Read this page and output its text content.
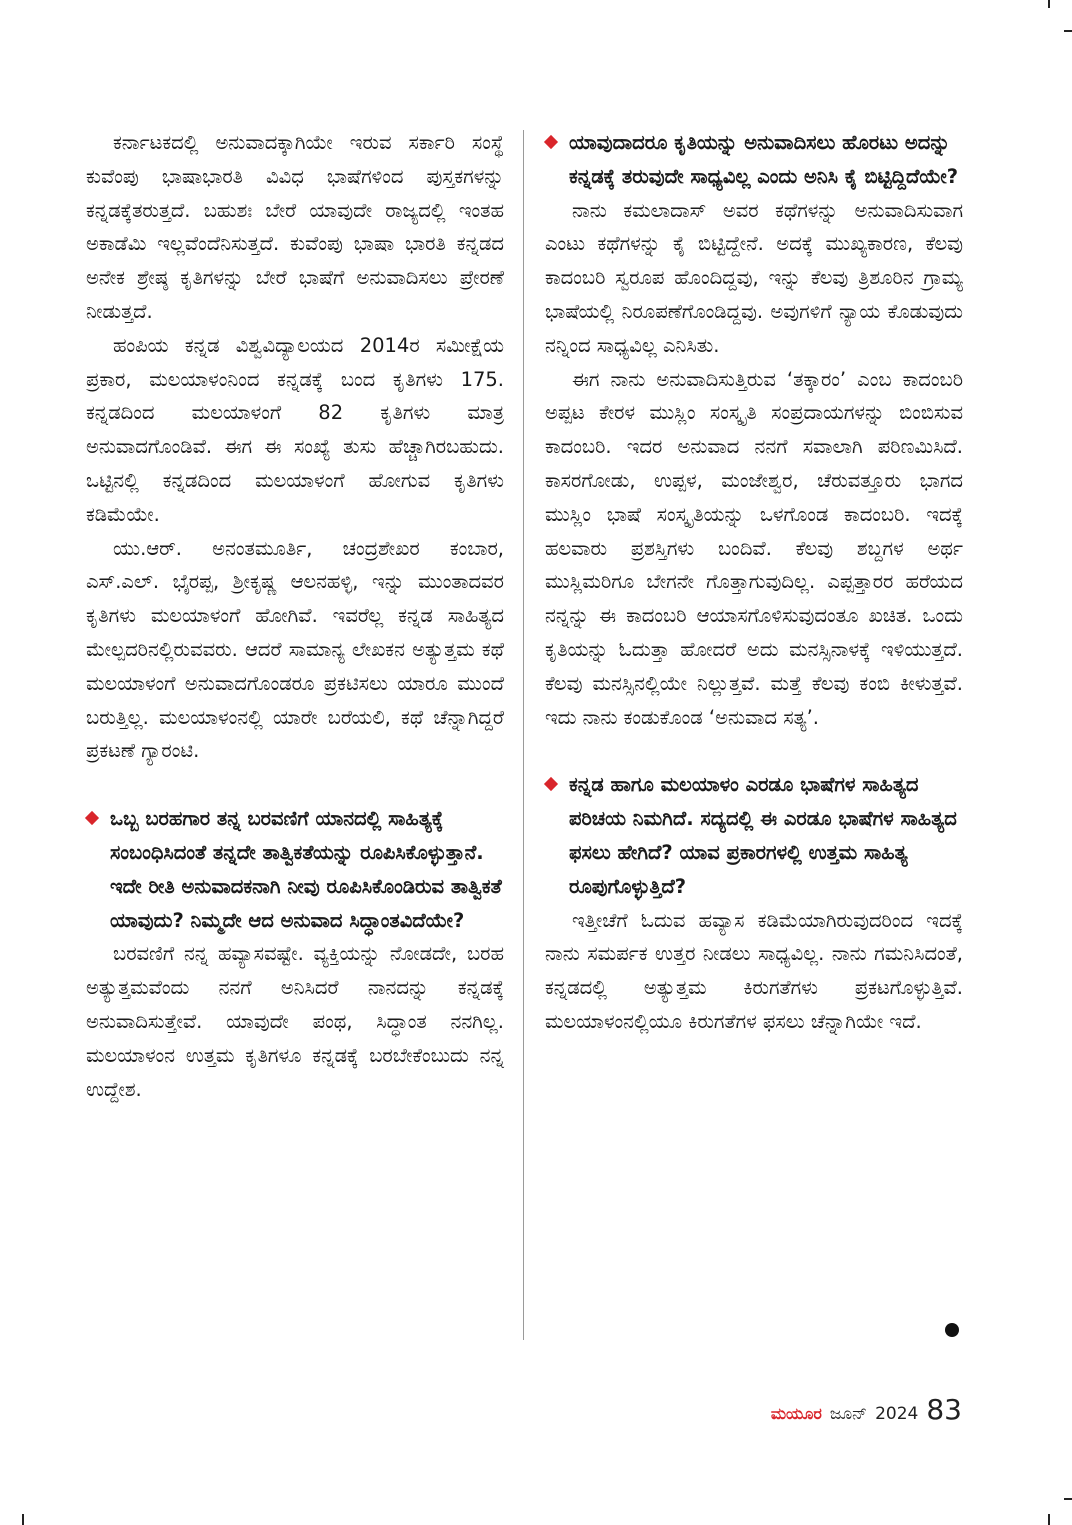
ಕರ್ನಾಟಕದಲ್ಲಿ ಅನುವಾದಕ್ಕಾಗಿಯೇ ಇರುವ ಸರ್ಕಾರಿ ಸಂಸ್ಥೆ ಕುವೆಂಪು ಭಾಷಾಭಾರತಿ ವಿವಿಧ ಭಾಷೆಗಳಿಂದ ಪುಸ್ತಕಗಳನ್ನು ಕನ್ನಡಕ್ಕೆತರುತ್ತದೆ. ಬಹುಶಃ ಬೇರೆ ಯಾವುದೇ ರಾಜ್ಯದಲ್ಲಿ ಇಂತಹ ಅಕಾಡೆಮಿ ಇಲ್ಲವೆಂದೆನಿಸುತ್ತದೆ. ಕುವೆಂಪು ಭಾಷಾ ಭಾರತಿ ಕನ್ನಡದ ಅನೇಕ ಶ್ರೇಷ್ಠ ಕೃತಿಗಳನ್ನು ಬೇರೆ ಭಾಷೆಗೆ ಅನುವಾದಿಸಲು ಪ್ರೇರಣೆ ನೀಡುತ್ತದೆ.

ಹಂಪಿಯ ಕನ್ನಡ ವಿಶ್ವವಿದ್ಯಾಲಯದ 2014ರ ಸಮೀಕ್ಷೆಯ ಪ್ರಕಾರ, ಮಲಯಾಳಂನಿಂದ ಕನ್ನಡಕ್ಕೆ ಬಂದ ಕೃತಿಗಳು 175. ಕನ್ನಡದಿಂದ ಮಲಯಾಳಂಗೆ 82 ಕೃತಿಗಳು ಮಾತ್ರ ಅನುವಾದಗೊಂಡಿವೆ. ಈಗ ಈ ಸಂಖ್ಯೆ ತುಸು ಹೆಚ್ಚಾಗಿರಬಹುದು. ಒಟ್ಟಿನಲ್ಲಿ ಕನ್ನಡದಿಂದ ಮಲಯಾಳಂಗೆ ಹೋಗುವ ಕೃತಿಗಳು ಕಡಿಮೆಯೇ.

ಯು.ಆರ್. ಅನಂತಮೂರ್ತಿ, ಚಂದ್ರಶೇಖರ ಕಂಬಾರ, ಎಸ್.ಎಲ್. ಭೈರಪ್ಪ, ಶ್ರೀಕೃಷ್ಣ ಆಲನಹಳ್ಳಿ, ಇನ್ನು ಮುಂತಾದವರ ಕೃತಿಗಳು ಮಲಯಾಳಂಗೆ ಹೋಗಿವೆ. ಇವರೆಲ್ಲ ಕನ್ನಡ ಸಾಹಿತ್ಯದ ಮೇಲ್ಪದರಿನಲ್ಲಿರುವವರು. ಆದರೆ ಸಾಮಾನ್ಯ ಲೇಖಕನ ಅತ್ಯುತ್ತಮ ಕಥೆ ಮಲಯಾಳಂಗೆ ಅನುವಾದಗೊಂಡರೂ ಪ್ರಕಟಿಸಲು ಯಾರೂ ಮುಂದೆ ಬರುತ್ತಿಲ್ಲ. ಮಲಯಾಳಂನಲ್ಲಿ ಯಾರೇ ಬರೆಯಲಿ, ಕಥೆ ಚೆನ್ನಾಗಿದ್ದರೆ ಪ್ರಕಟಣೆ ಗ್ಯಾರಂಟಿ.

ಒಬ್ಬ ಬರಹಗಾರ ತನ್ನ ಬರವಣಿಗೆ ಯಾನದಲ್ಲಿ ಸಾಹಿತ್ಯಕ್ಕೆ ಸಂಬಂಧಿಸಿದಂತೆ ತನ್ನದೇ ತಾತ್ವಿಕತೆಯನ್ನು ರೂಪಿಸಿಕೊಳ್ಳುತ್ತಾನೆ. ಇದೇ ರೀತಿ ಅನುವಾದಕನಾಗಿ ನೀವು ರೂಪಿಸಿಕೊಂಡಿರುವ ತಾತ್ವಿಕತೆ ಯಾವುದು? ನಿಮ್ಮದೇ ಆದ ಅನುವಾದ ಸಿದ್ಧಾಂತವಿದೆಯೇ?

ಬರವಣಿಗೆ ನನ್ನ ಹವ್ಯಾಸವಷ್ಟೇ. ವ್ಯಕ್ತಿಯನ್ನು ನೋಡದೇ, ಬರಹ ಅತ್ಯುತ್ತಮವೆಂದು ನನಗೆ ಅನಿಸಿದರೆ ನಾನದನ್ನು ಕನ್ನಡಕ್ಕೆ ಅನುವಾದಿಸುತ್ತೇವೆ. ಯಾವುದೇ ಪಂಥ, ಸಿದ್ಧಾಂತ ನನಗಿಲ್ಲ. ಮಲಯಾಳಂನ ಉತ್ತಮ ಕೃತಿಗಳೂ ಕನ್ನಡಕ್ಕೆ ಬರಬೇಕೆಂಬುದು ನನ್ನ ಉದ್ದೇಶ.

ಯಾವುದಾದರೂ ಕೃತಿಯನ್ನು ಅನುವಾದಿಸಲು ಹೊರಟು ಅದನ್ನು ಕನ್ನಡಕ್ಕೆ ತರುವುದೇ ಸಾಧ್ಯವಿಲ್ಲ ಎಂದು ಅನಿಸಿ ಕೈ ಬಿಟ್ಟಿದ್ದಿದೆಯೇ?

ನಾನು ಕಮಲಾದಾಸ್ ಅವರ ಕಥೆಗಳನ್ನು ಅನುವಾದಿಸುವಾಗ ಎಂಟು ಕಥೆಗಳನ್ನು ಕೈ ಬಿಟ್ಟಿದ್ದೇನೆ. ಅದಕ್ಕೆ ಮುಖ್ಯಕಾರಣ, ಕೆಲವು ಕಾದಂಬರಿ ಸ್ವರೂಪ ಹೊಂದಿದ್ದವು, ಇನ್ನು ಕೆಲವು ತ್ರಿಶೂರಿನ ಗ್ರಾಮ್ಯ ಭಾಷೆಯಲ್ಲಿ ನಿರೂಪಣೆಗೊಂಡಿದ್ದವು. ಅವುಗಳಿಗೆ ನ್ಯಾಯ ಕೊಡುವುದು ನನ್ನಿಂದ ಸಾಧ್ಯವಿಲ್ಲ ಎನಿಸಿತು.

ಈಗ ನಾನು ಅನುವಾದಿಸುತ್ತಿರುವ ‘ತಕ್ಕಾರಂ’ ಎಂಬ ಕಾದಂಬರಿ ಅಪ್ಪಟ ಕೇರಳ ಮುಸ್ಲಿಂ ಸಂಸ್ಕೃತಿ ಸಂಪ್ರದಾಯಗಳನ್ನು ಬಿಂಬಿಸುವ ಕಾದಂಬರಿ. ಇದರ ಅನುವಾದ ನನಗೆ ಸವಾಲಾಗಿ ಪರಿಣಮಿಸಿದೆ. ಕಾಸರಗೋಡು, ಉಪ್ಪಳ, ಮಂಜೇಶ್ವರ, ಚೆರುವತ್ತೂರು ಭಾಗದ ಮುಸ್ಲಿಂ ಭಾಷೆ ಸಂಸ್ಕೃತಿಯನ್ನು ಒಳಗೊಂಡ ಕಾದಂಬರಿ. ಇದಕ್ಕೆ ಹಲವಾರು ಪ್ರಶಸ್ತಿಗಳು ಬಂದಿವೆ. ಕೆಲವು ಶಬ್ದಗಳ ಅರ್ಥ ಮುಸ್ಲಿಮರಿಗೂ ಬೇಗನೇ ಗೊತ್ತಾಗುವುದಿಲ್ಲ. ಎಪ್ಪತ್ತಾರರ ಹರೆಯದ ನನ್ನನ್ನು ಈ ಕಾದಂಬರಿ ಆಯಾಸಗೊಳಿಸುವುದಂತೂ ಖಚಿತ. ಒಂದು ಕೃತಿಯನ್ನು ಓದುತ್ತಾ ಹೋದರೆ ಅದು ಮನಸ್ಸಿನಾಳಕ್ಕೆ ಇಳಿಯುತ್ತದೆ. ಕೆಲವು ಮನಸ್ಸಿನಲ್ಲಿಯೇ ನಿಲ್ಲುತ್ತವೆ. ಮತ್ತೆ ಕೆಲವು ಕಂಬಿ ಕೀಳುತ್ತವೆ. ಇದು ನಾನು ಕಂಡುಕೊಂಡ ‘ಅನುವಾದ ಸತ್ಯ’.

ಕನ್ನಡ ಹಾಗೂ ಮಲಯಾಳಂ ಎರಡೂ ಭಾಷೆಗಳ ಸಾಹಿತ್ಯದ ಪರಿಚಯ ನಿಮಗಿದೆ. ಸದ್ಯದಲ್ಲಿ ಈ ಎರಡೂ ಭಾಷೆಗಳ ಸಾಹಿತ್ಯದ ಫಸಲು ಹೇಗಿದೆ? ಯಾವ ಪ್ರಕಾರಗಳಲ್ಲಿ ಉತ್ತಮ ಸಾಹಿತ್ಯ ರೂಪುಗೊಳ್ಳುತ್ತಿದೆ?

ಇತ್ತೀಚೆಗೆ ಓದುವ ಹವ್ಯಾಸ ಕಡಿಮೆಯಾಗಿರುವುದರಿಂದ ಇದಕ್ಕೆ ನಾನು ಸಮರ್ಪಕ ಉತ್ತರ ನೀಡಲು ಸಾಧ್ಯವಿಲ್ಲ. ನಾನು ಗಮನಿಸಿದಂತೆ, ಕನ್ನಡದಲ್ಲಿ ಅತ್ಯುತ್ತಮ ಕಿರುಗತೆಗಳು ಪ್ರಕಟಗೊಳ್ಳುತ್ತಿವೆ. ಮಲಯಾಳಂನಲ್ಲಿಯೂ ಕಿರುಗತೆಗಳ ಫಸಲು ಚೆನ್ನಾಗಿಯೇ ಇದೆ.

ಮಯೂರ ಜೂನ್ 2024 83
